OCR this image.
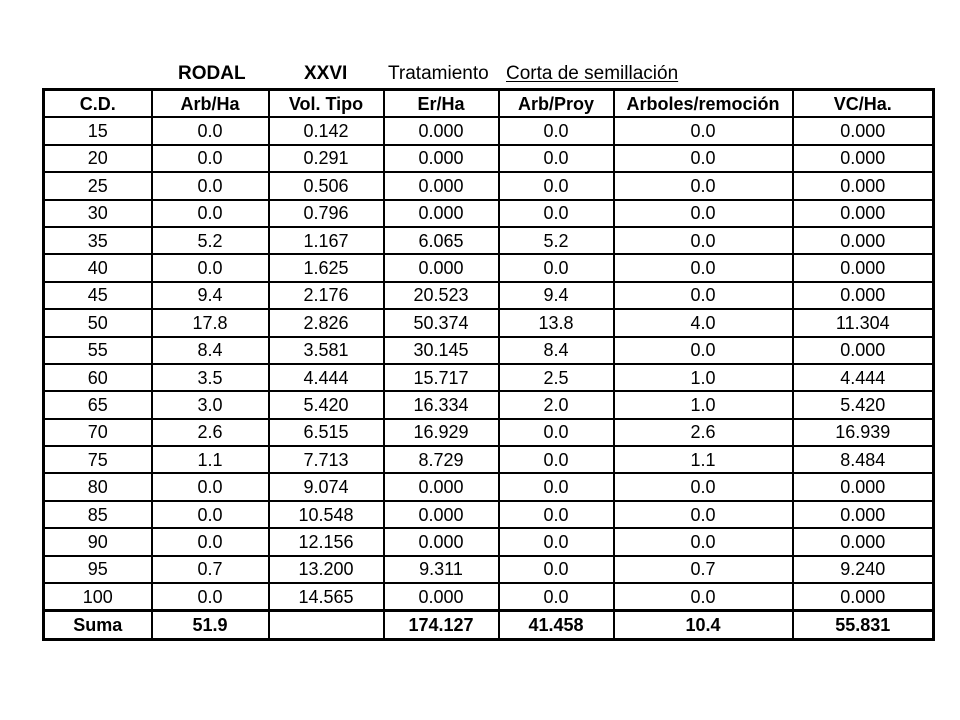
RODAL	XXVI Tratamiento Corta de semillación
C.D.	Arb/Ha	Vol. Tipo	Er/Ha	Arb/Proy	Arboles/remoción	VC/Ha.
15	0.0	0.142	0.000	0.0	0.0	0.000
20	0.0	0.291	0.000	0.0	0.0	0.000
25	0.0	0.506	0.000	0.0	0.0	0.000
30	0.0	0.796	0.000	0.0	0.0	0.000
35	5.2	1.167	6.065	5.2	0.0	0.000
40	0.0	1.625	0.000	0.0	0.0	0.000
45	9.4	2.176	20.523	9.4	0.0	0.000
50	17.8	2.826	50.374	13.8	4.0	11.304
55	8.4	3.581	30.145	8.4	0.0	0.000
60	3.5	4.444	15.717	2.5	1.0	4.444
65	3.0	5.420	16.334	2.0	1.0	5.420
70	2.6	6.515	16.929	0.0	2.6	16.939
75	1.1	7.713	8.729	0.0	1.1	8.484
80	0.0	9.074	0.000	0.0	0.0	0.000
85	0.0	10.548	0.000	0.0	0.0	0.000
90	0.0	12.156	0.000	0.0	0.0	0.000
95	0.7	13.200	9.311	0.0	0.7	9.240
100	0.0	14.565	0.000	0.0	0.0	0.000
Suma	51.9		174.127	41.458	10.4	55.831
